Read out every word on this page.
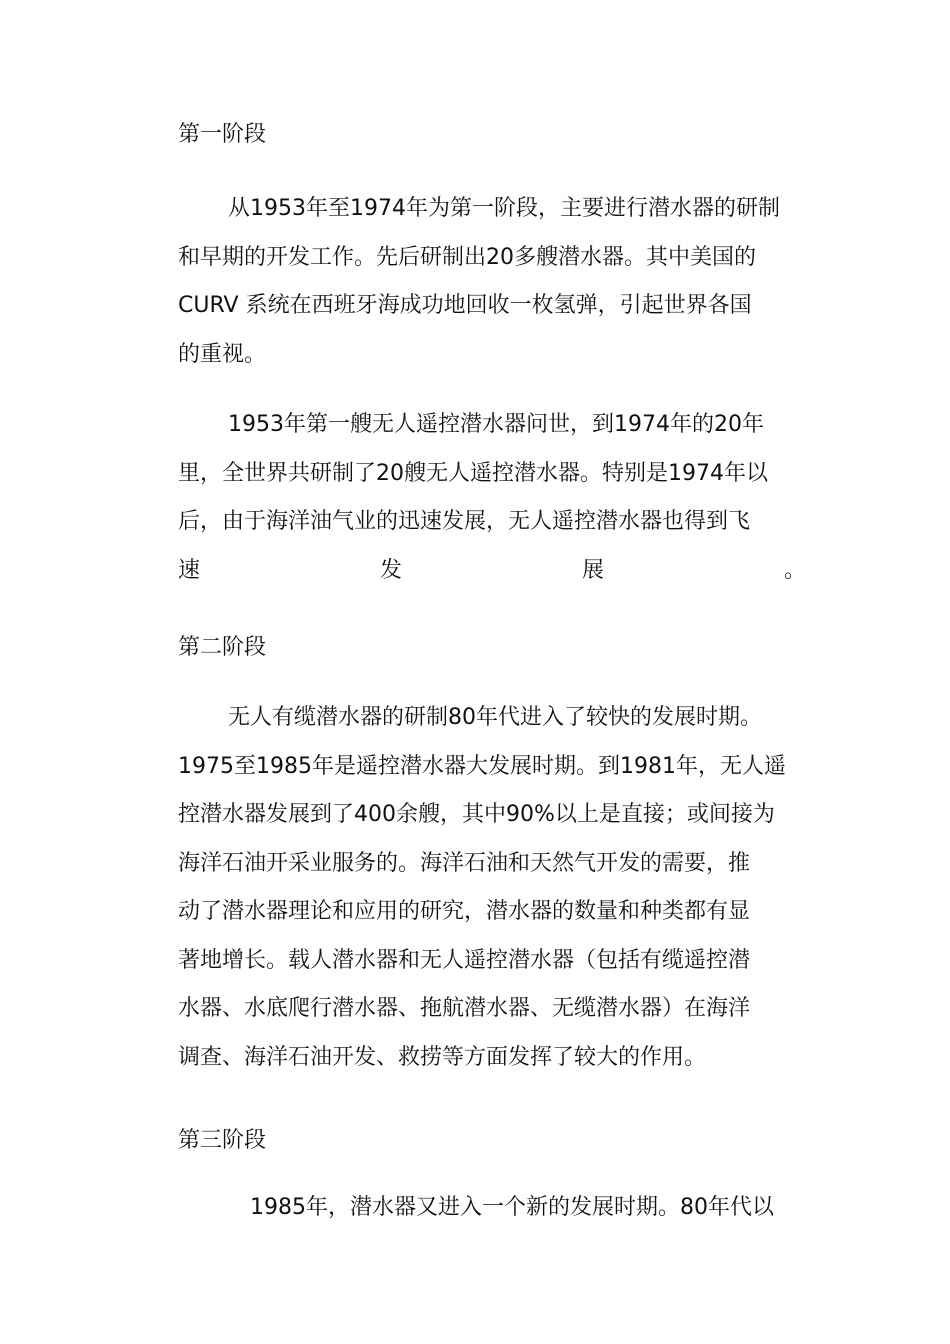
第一阶段
从1953年至1974年为第一阶段，主要进行潜水器的研制
和早期的开发工作。先后研制出20多艘潜水器。其中美国的
CURV 系统在西班牙海成功地回收一枚氢弹，引起世界各国
的重视。
1953年第一艘无人遥控潜水器问世，到1974年的20年
里，全世界共研制了20艘无人遥控潜水器。特别是1974年以
后，由于海洋油气业的迅速发展，无人遥控潜水器也得到飞
速	发	展	。
第二阶段
无人有缆潜水器的研制80年代进入了较快的发展时期。
1975至1985年是遥控潜水器大发展时期。到1981年，无人遥
控潜水器发展到了400余艘，其中90%以上是直接；或间接为
海洋石油开采业服务的。海洋石油和天然气开发的需要，推
动了潜水器理论和应用的研究，潜水器的数量和种类都有显
著地增长。载人潜水器和无人遥控潜水器（包括有缆遥控潜
水器、水底爬行潜水器、拖航潜水器、无缆潜水器）在海洋
调查、海洋石油开发、救捞等方面发挥了较大的作用。
第三阶段
1985年，潜水器又进入一个新的发展时期。80年代以
